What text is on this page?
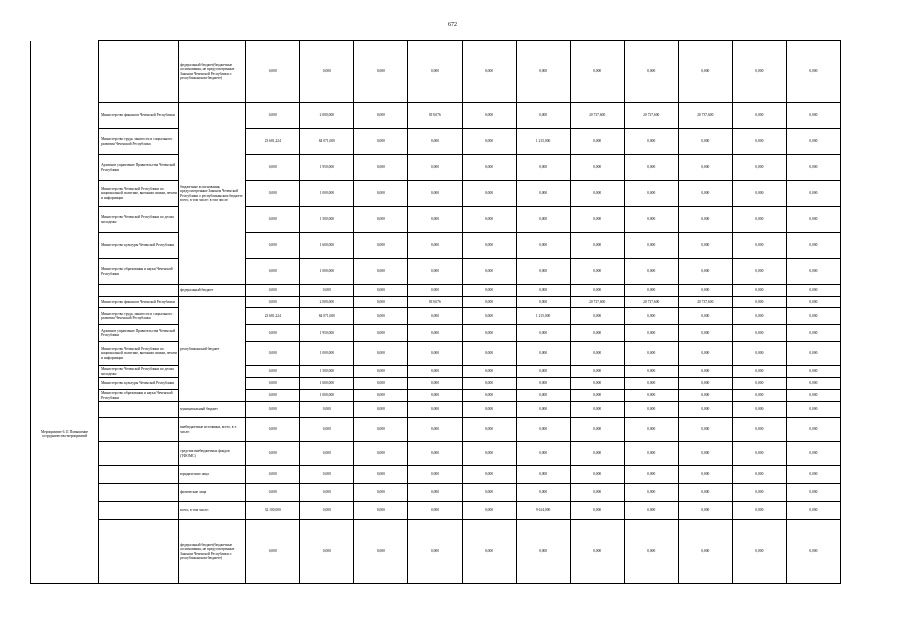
672
		федеральный бюджет(бюджетные ассигнования, не предусмотренные Законом Чеченской Республики о республиканском бюджете)	0,000	0,000	0,000	0,000	0,000	0,000	0,000	0,000	0,000	0,000	0,000
	Министерство финансов Чеченской Республики	бюджетные ассигнования, предусмотренные Законом Чеченской Республики о республиканском бюджете всего, в том числе: в том числе:	0,000	2 000,000	0,000	819,076	0,000	0,000	20 737,600	20 737,600	20 737,600	0,000	0,000
	Министерство труда, занятости и социального развития Чеченской Республики		23 681,224	84 071,000	0,000	0,000	0,000	1 215,000	0,000	0,000	0,000	0,000	0,000
	Архивное управление Правительства Чеченской Республики		0,000	1 950,000	0,000	0,000	0,000	0,000	0,000	0,000	0,000	0,000	0,000
	Министерство Чеченской Республики по национальной политике, внешним связям, печати и информации		0,000	1 000,000	0,000	0,000	0,000	0,000	0,000	0,000	0,000	0,000	0,000
	Министерство Чеченской Республики по делам молодежи		0,000	1 500,000	0,000	0,000	0,000	0,000	0,000	0,000	0,000	0,000	0,000
	Министерство культуры Чеченской Республики		0,000	1 600,000	0,000	0,000	0,000	0,000	0,000	0,000	0,000	0,000	0,000
	Министерство образования и науки Чеченской Республики		0,000	1 000,000	0,000	0,000	0,000	0,000	0,000	0,000	0,000	0,000	0,000
Мероприятие 6.11 Повышение сотрудничества-мероприятий		федеральный бюджет	0,000	0,000	0,000	0,000	0,000	0,000	0,000	0,000	0,000	0,000	0,000
	Министерство финансов Чеченской Республики	республиканский бюджет	0,000	2 000,000	0,000	819,076	0,000	0,000	20 737,600	20 737,600	20 737,600	0,000	0,000
	Министерство труда, занятости и социального развития Чеченской Республики		23 681,224	84 071,000	0,000	0,000	0,000	1 215,000	0,000	0,000	0,000	0,000	0,000
	Архивное управление Правительства Чеченской Республики		0,000	1 950,000	0,000	0,000	0,000	0,000	0,000	0,000	0,000	0,000	0,000
	Министерство Чеченской Республики по национальной политике, внешним связям, печати и информации		0,000	1 000,000	0,000	0,000	0,000	0,000	0,000	0,000	0,000	0,000	0,000
	Министерство Чеченской Республики по делам молодежи		0,000	1 500,000	0,000	0,000	0,000	0,000	0,000	0,000	0,000	0,000	0,000
	Министерство культуры Чеченской Республики		0,000	1 600,000	0,000	0,000	0,000	0,000	0,000	0,000	0,000	0,000	0,000
	Министерство образования и науки Чеченской Республики		0,000	1 000,000	0,000	0,000	0,000	0,000	0,000	0,000	0,000	0,000	0,000
		муниципальный бюджет	0,000	0,000	0,000	0,000	0,000	0,000	0,000	0,000	0,000	0,000	0,000
		внебюджетные источники, всего, в т. числе:	0,000	0,000	0,000	0,000	0,000	0,000	0,000	0,000	0,000	0,000	0,000
		средства внебюджетных фондов (ТФОМС)	0,000	0,000	0,000	0,000	0,000	0,000	0,000	0,000	0,000	0,000	0,000
		юридические лица	0,000	0,000	0,000	0,000	0,000	0,000	0,000	0,000	0,000	0,000	0,000
		физические лица	0,000	0,000	0,000	0,000	0,000	0,000	0,000	0,000	0,000	0,000	0,000
		всего, в том числе:	32 100,000	0,000	0,000	0,000	0,000	9 614,000	0,000	0,000	0,000	0,000	0,000
		федеральный бюджет(бюджетные ассигнования, не предусмотренные Законом Чеченской Республики о республиканском бюджете)	0,000	0,000	0,000	0,000	0,000	0,000	0,000	0,000	0,000	0,000	0,000
